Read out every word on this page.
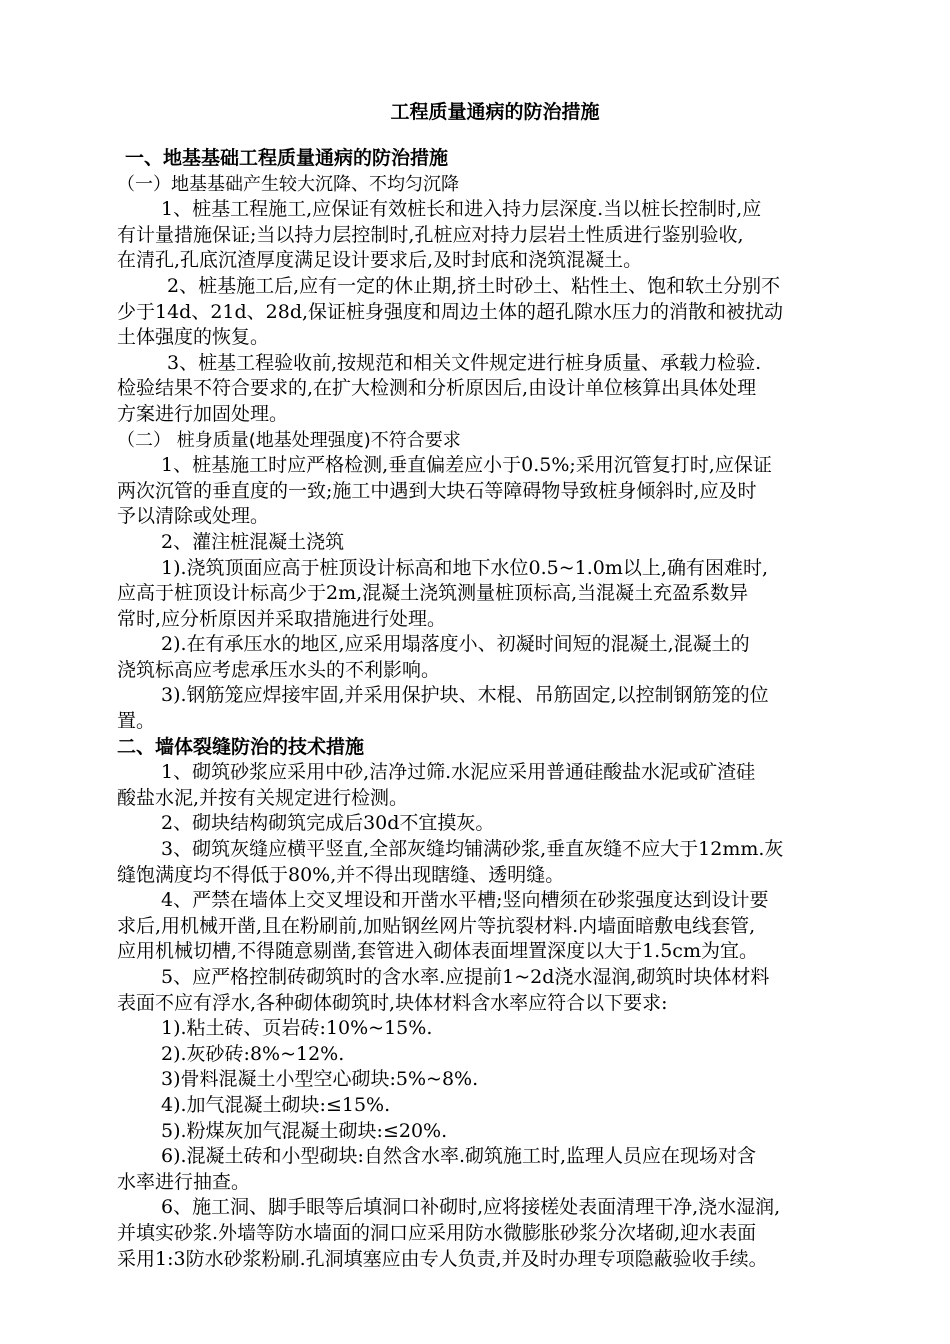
工程质量通病的防治措施
一、地基基础工程质量通病的防治措施
（一）地基基础产生较大沉降、不均匀沉降
1、桩基工程施工,应保证有效桩长和进入持力层深度.当以桩长控制时,应
有计量措施保证;当以持力层控制时,孔桩应对持力层岩土性质进行鉴别验收,
在清孔,孔底沉渣厚度满足设计要求后,及时封底和浇筑混凝土。
2、桩基施工后,应有一定的休止期,挤土时砂土、粘性土、饱和软土分别不
少于14d、21d、28d,保证桩身强度和周边土体的超孔隙水压力的消散和被扰动
土体强度的恢复。
3、桩基工程验收前,按规范和相关文件规定进行桩身质量、承载力检验.
检验结果不符合要求的,在扩大检测和分析原因后,由设计单位核算出具体处理
方案进行加固处理。
（二） 桩身质量(地基处理强度)不符合要求
1、桩基施工时应严格检测,垂直偏差应小于0.5%;采用沉管复打时,应保证
两次沉管的垂直度的一致;施工中遇到大块石等障碍物导致桩身倾斜时,应及时
予以清除或处理。
2、灌注桩混凝土浇筑
1).浇筑顶面应高于桩顶设计标高和地下水位0.5~1.0m以上,确有困难时,
应高于桩顶设计标高少于2m,混凝土浇筑测量桩顶标高,当混凝土充盈系数异
常时,应分析原因并采取措施进行处理。
2).在有承压水的地区,应采用塌落度小、初凝时间短的混凝土,混凝土的
浇筑标高应考虑承压水头的不利影响。
3).钢筋笼应焊接牢固,并采用保护块、木棍、吊筋固定,以控制钢筋笼的位
置。
二、墙体裂缝防治的技术措施
1、砌筑砂浆应采用中砂,洁净过筛.水泥应采用普通硅酸盐水泥或矿渣硅
酸盐水泥,并按有关规定进行检测。
2、砌块结构砌筑完成后30d不宜摸灰。
3、砌筑灰缝应横平竖直,全部灰缝均铺满砂浆,垂直灰缝不应大于12mm.灰
缝饱满度均不得低于80%,并不得出现瞎缝、透明缝。
4、严禁在墙体上交叉埋设和开凿水平槽;竖向槽须在砂浆强度达到设计要
求后,用机械开凿,且在粉刷前,加贴钢丝网片等抗裂材料.内墙面暗敷电线套管,
应用机械切槽,不得随意剔凿,套管进入砌体表面埋置深度以大于1.5cm为宜。
5、应严格控制砖砌筑时的含水率.应提前1~2d浇水湿润,砌筑时块体材料
表面不应有浮水,各种砌体砌筑时,块体材料含水率应符合以下要求:
1).粘土砖、页岩砖:10%~15%.
2).灰砂砖:8%~12%.
3)骨料混凝土小型空心砌块:5%~8%.
4).加气混凝土砌块:≤15%.
5).粉煤灰加气混凝土砌块:≤20%.
6).混凝土砖和小型砌块:自然含水率.砌筑施工时,监理人员应在现场对含
水率进行抽查。
6、施工洞、脚手眼等后填洞口补砌时,应将接槎处表面清理干净,浇水湿润,
并填实砂浆.外墙等防水墙面的洞口应采用防水微膨胀砂浆分次堵砌,迎水表面
采用1:3防水砂浆粉刷.孔洞填塞应由专人负责,并及时办理专项隐蔽验收手续。
